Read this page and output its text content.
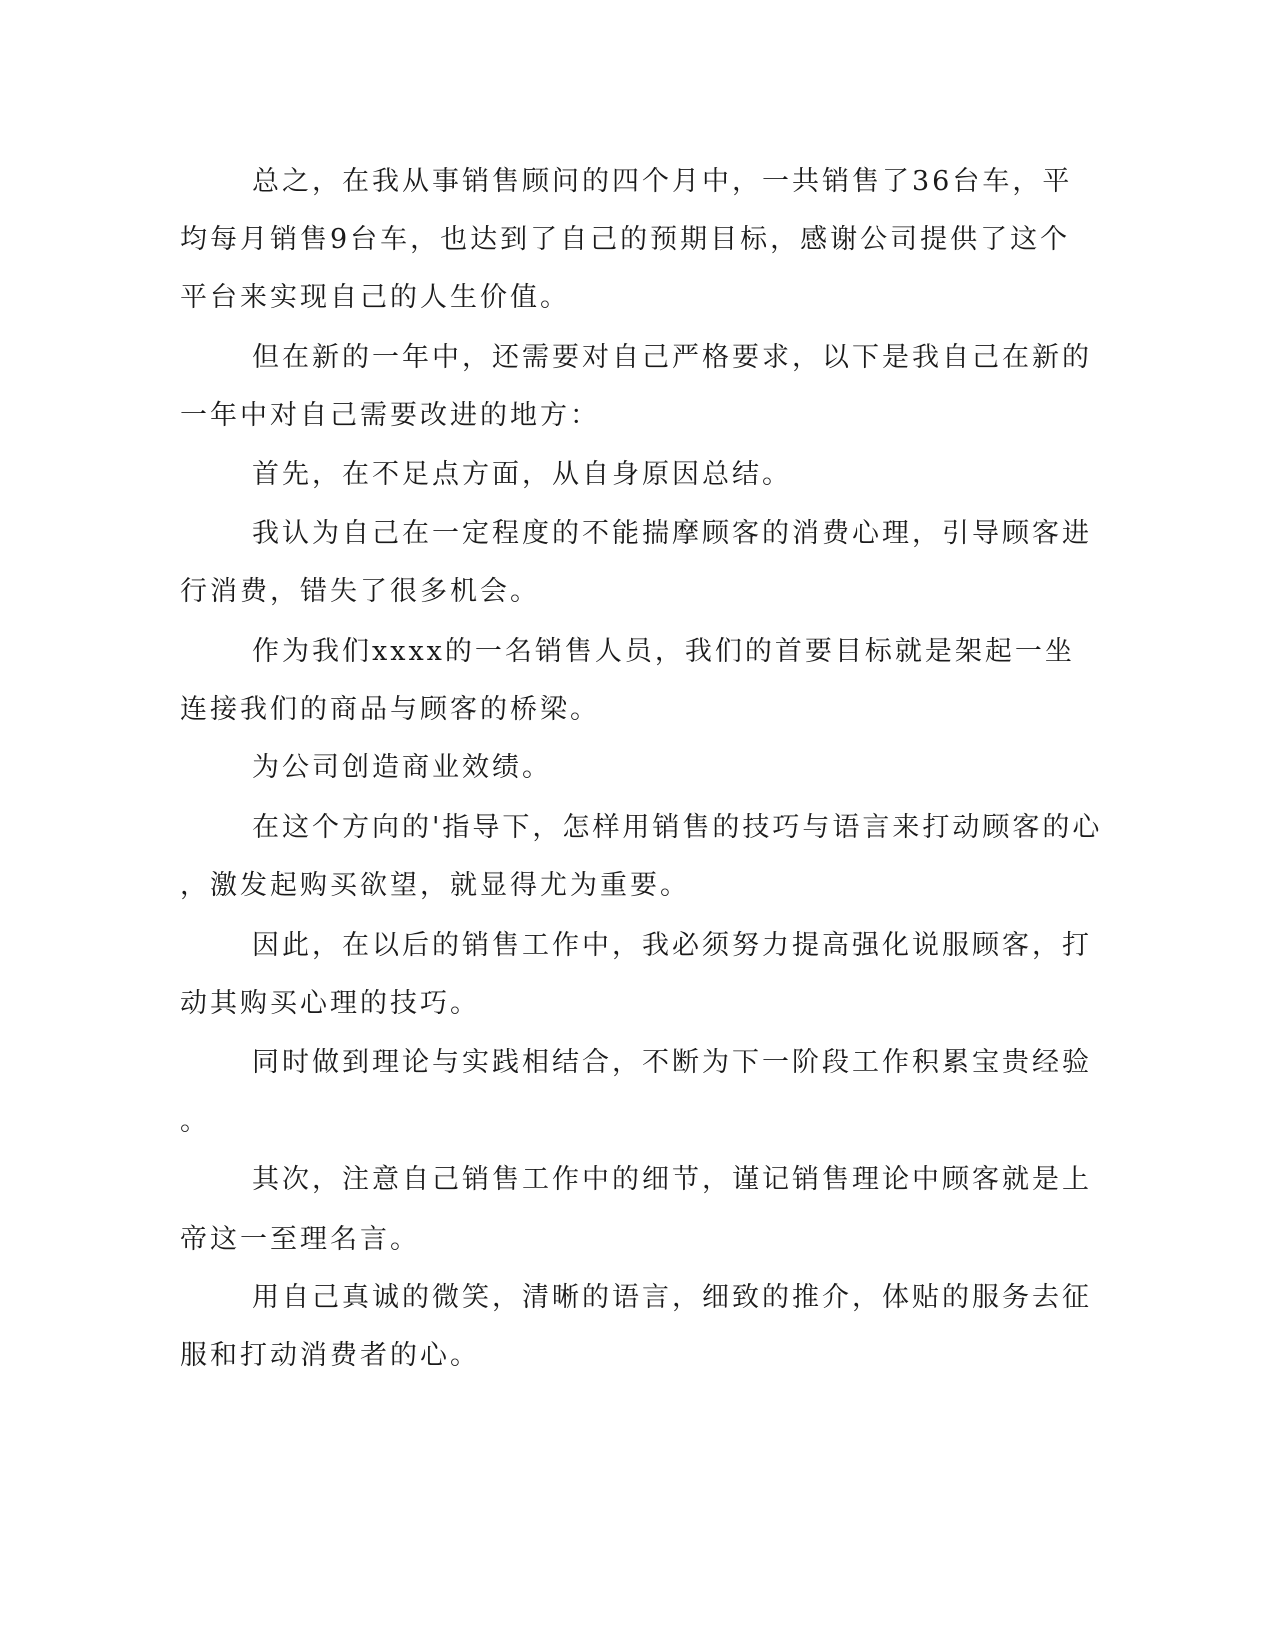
总之，在我从事销售顾问的四个月中，一共销售了36台车，平
均每月销售9台车，也达到了自己的预期目标，感谢公司提供了这个
平台来实现自己的人生价值。
但在新的一年中，还需要对自己严格要求，以下是我自己在新的
一年中对自己需要改进的地方：
首先，在不足点方面，从自身原因总结。
我认为自己在一定程度的不能揣摩顾客的消费心理，引导顾客进
行消费，错失了很多机会。
作为我们xxxx的一名销售人员，我们的首要目标就是架起一坐
连接我们的商品与顾客的桥梁。
为公司创造商业效绩。
在这个方向的'指导下，怎样用销售的技巧与语言来打动顾客的心
，激发起购买欲望，就显得尤为重要。
因此，在以后的销售工作中，我必须努力提高强化说服顾客，打
动其购买心理的技巧。
同时做到理论与实践相结合，不断为下一阶段工作积累宝贵经验
。
其次，注意自己销售工作中的细节，谨记销售理论中顾客就是上
帝这一至理名言。
用自己真诚的微笑，清晰的语言，细致的推介，体贴的服务去征
服和打动消费者的心。
